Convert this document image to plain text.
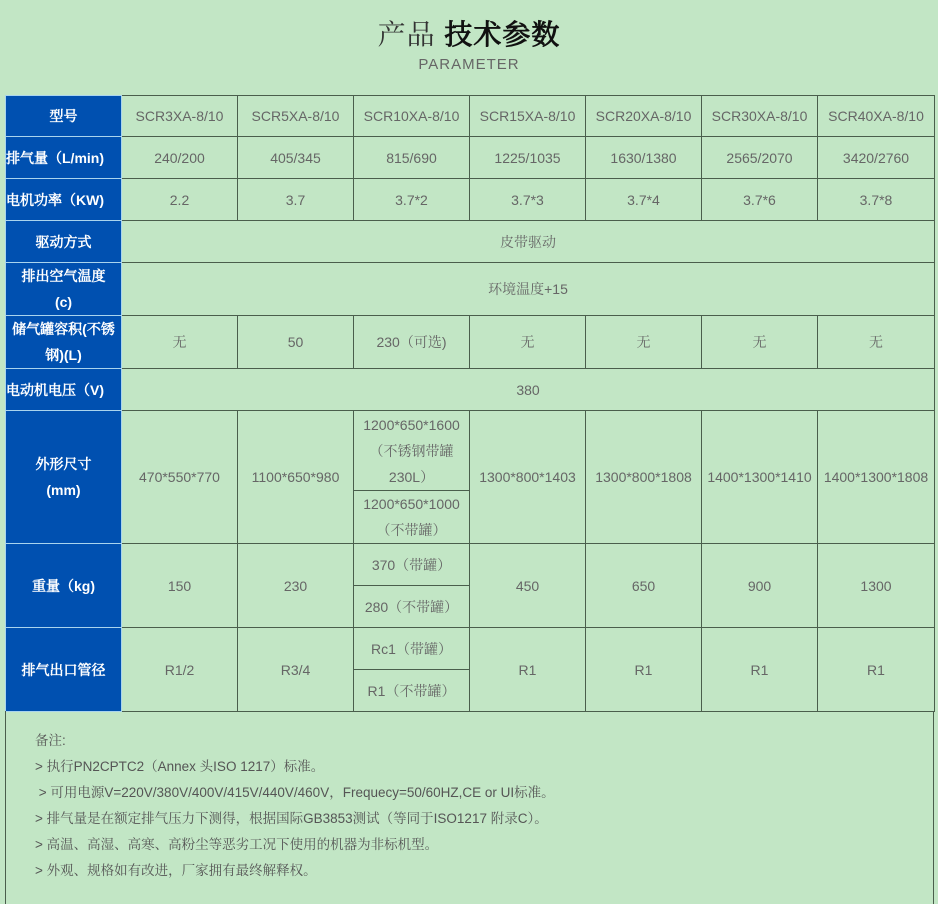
产品 技术参数
PARAMETER
型号	SCR3XA-8/10	SCR5XA-8/10	SCR10XA-8/10	SCR15XA-8/10	SCR20XA-8/10	SCR30XA-8/10	SCR40XA-8/10
排气量（L/min)	240/200	405/345	815/690	1225/1035	1630/1380	2565/2070	3420/2760
电机功率（KW)	2.2	3.7	3.7*2	3.7*3	3.7*4	3.7*6	3.7*8
驱动方式	皮带驱动						

排出空气温度
(c)	环境温度+15						

储气罐容积(不锈
钢)(L)	无	50	230（可选)	无	无	无	无
电动机电压（V)	380						

外形尺寸
(mm)	470*550*770	1100*650*980	1200*650*1600（不锈钢带罐230L）	1300*800*1403	1300*800*1808	1400*1300*1410	1400*1300*1808
			1200*650*1000（不带罐）				
重量（kg)	150	230	370（带罐）	450	650	900	1300
			280（不带罐）				
排气出口管径	R1/2	R3/4	Rc1（带罐）	R1	R1	R1	R1
			R1（不带罐）				
备注:
> 执行PN2CPTC2（Annex 头ISO 1217）标准。
> 可用电源V=220V/380V/400V/415V/440V/460V，Frequecy=50/60HZ,CE or UI标准。
> 排气量是在额定排气压力下测得，根据国际GB3853测试（等同于ISO1217 附录C）。
> 高温、高湿、高寒、高粉尘等恶劣工况下使用的机器为非标机型。
> 外观、规格如有改进，厂家拥有最终解释权。
